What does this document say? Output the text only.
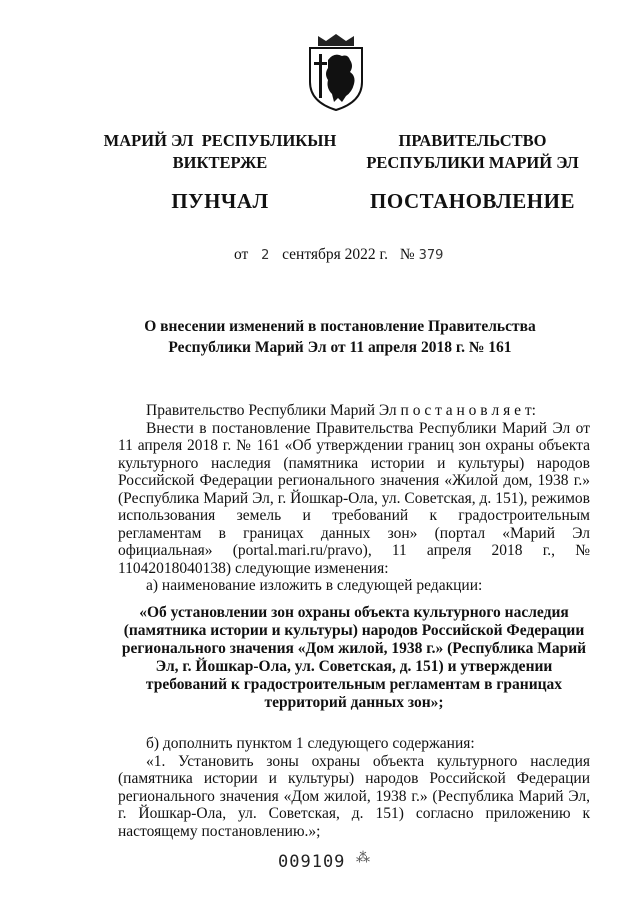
МАРИЙ ЭЛ  РЕСПУБЛИКЫН
ВИКТЕРЖЕ
ПУНЧАЛ
ПРАВИТЕЛЬСТВО
РЕСПУБЛИКИ МАРИЙ ЭЛ
ПОСТАНОВЛЕНИЕ
от 2 сентября 2022 г. № 379
О внесении изменений в постановление Правительства
Республики Марий Эл от 11 апреля 2018 г. № 161

Правительство Республики Марий Эл п о с т а н о в л я е т:

Внести в постановление Правительства Республики Марий Эл от 11 апреля 2018 г. № 161 «Об утверждении границ зон охраны объекта культурного наследия (памятника истории и культуры) народов Российской Федерации регионального значения «Жилой дом, 1938 г.» (Республика Марий Эл, г. Йошкар-Ола, ул. Советская, д. 151), режимов использования земель и требований к градостроительным регламентам в границах данных зон» (портал «Марий Эл официальная» (portal.mari.ru/pravo), 11 апреля 2018 г., № 11042018040138) следующие изменения:

а) наименование изложить в следующей редакции:

«Об установлении зон охраны объекта культурного наследия (памятника истории и культуры) народов Российской Федерации регионального значения «Дом жилой, 1938 г.» (Республика Марий Эл, г. Йошкар-Ола, ул. Советская, д. 151) и утверждении требований к градостроительным регламентам в границах территорий данных зон»;

б) дополнить пунктом 1 следующего содержания:

«1. Установить зоны охраны объекта культурного наследия (памятника истории и культуры) народов Российской Федерации регионального значения «Дом жилой, 1938 г.» (Республика Марий Эл, г. Йошкар-Ола, ул. Советская, д. 151) согласно приложению к настоящему постановлению.»;

009109 ⁂
